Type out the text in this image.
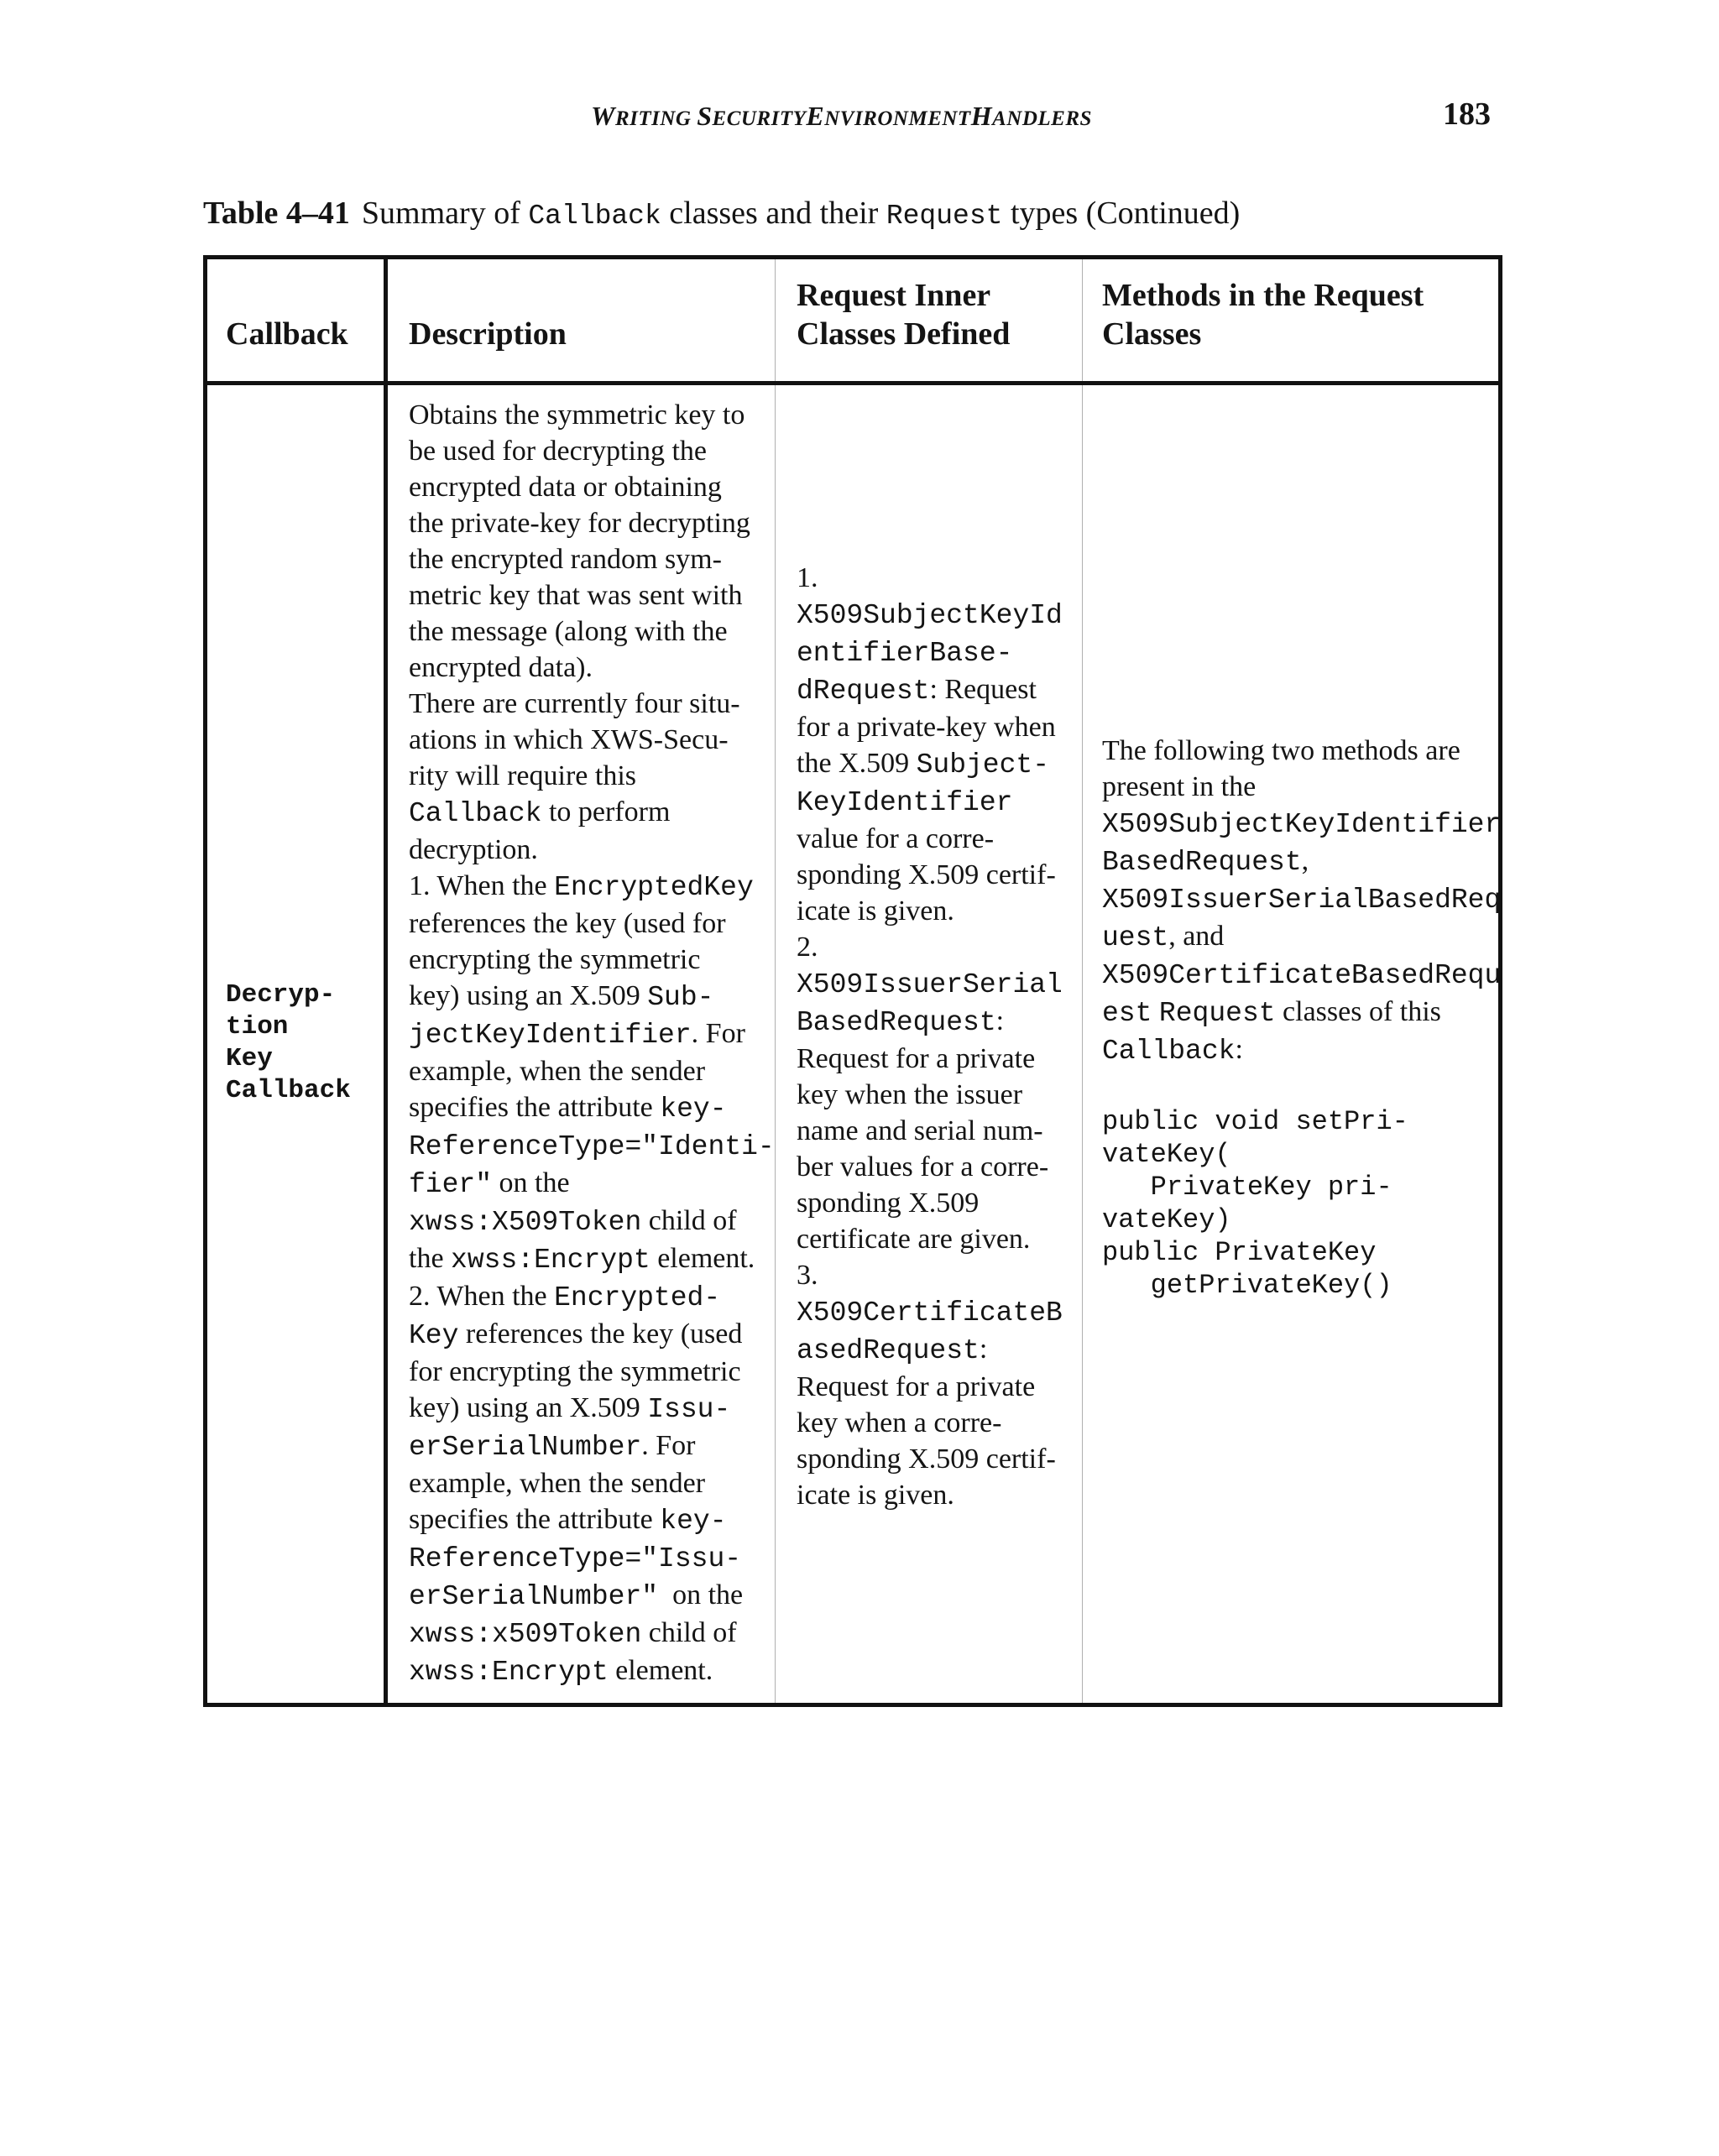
WRITING SECURITYENVIRONMENTHANDLERS	183
Table 4–41 Summary of Callback classes and their Request types (Continued)
Callback Description
Request Inner
Classes Defined
Methods in the Request
Classes
Decryp-
tion
Key
Callback
Obtains the symmetric key to
be used for decrypting the
encrypted data or obtaining
the private-key for decrypting
the encrypted random sym-
metric key that was sent with
the message (along with the
encrypted data).
There are currently four situ-
ations in which XWS-Secu-
rity will require this
Callback to perform
decryption.
1. When the EncryptedKey
references the key (used for
encrypting the symmetric
key) using an X.509 Sub-
jectKeyIdentifier. For
example, when the sender
specifies the attribute key-
ReferenceType="Identi-
fier" on the
xwss:X509Token child of
the xwss:Encrypt element.
2. When the Encrypted-
Key references the key (used
for encrypting the symmetric
key) using an X.509 Issu-
erSerialNumber. For
example, when the sender
specifies the attribute key-
ReferenceType="Issu-
erSerialNumber"  on the
xwss:x509Token child of
xwss:Encrypt element.
1.
X509SubjectKeyId
entifierBase-
dRequest: Request
for a private-key when
the X.509 Subject-
KeyIdentifier
value for a corre-
sponding X.509 certif-
icate is given.
2.
X509IssuerSerial
BasedRequest:
Request for a private
key when the issuer
name and serial num-
ber values for a corre-
sponding X.509
certificate are given.
3.
X509CertificateB
asedRequest:
Request for a private
key when a corre-
sponding X.509 certif-
icate is given.
The following two methods are
present in the
X509SubjectKeyIdentifier
BasedRequest,
X509IssuerSerialBasedReq
uest, and
X509CertificateBasedRequ
est Request classes of this
Callback:
public void setPri-
vateKey(
PrivateKey pri-
vateKey)
public PrivateKey
getPrivateKey()
